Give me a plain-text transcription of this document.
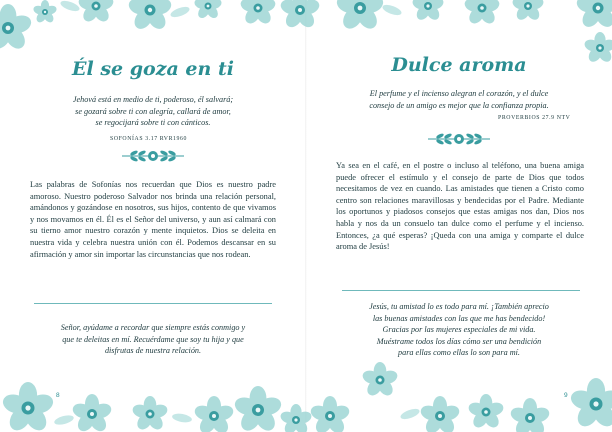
Él se goza en ti

Jehová está en medio de ti, poderoso, él salvará;
se gozará sobre ti con alegría, callará de amor,
se regocijará sobre ti con cánticos.

SOFONÍAS 3.17 RVR1960

Las palabras de Sofonías nos recuerdan que Dios es nuestro padre amoroso. Nuestro poderoso Salvador nos brinda una relación personal, amándonos y gozándose en nosotros, sus hijos, contento de que vivamos y nos movamos en él. Él es el Señor del universo, y aun así calmará con su tierno amor nuestro corazón y mente inquietos. Dios se deleita en nuestra vida y celebra nuestra unión con él. Podemos descansar en su afirmación y amor sin importar las circunstancias que nos rodean.

Señor, ayúdame a recordar que siempre estás conmigo y
que te deleitas en mí. Recuérdame que soy tu hija y que
disfrutas de nuestra relación.

8
Dulce aroma

El perfume y el incienso alegran el corazón, y el dulce
consejo de un amigo es mejor que la confianza propia.

PROVERBIOS 27.9 NTV

Ya sea en el café, en el postre o incluso al teléfono, una buena amiga puede ofrecer el estímulo y el consejo de parte de Dios que todos necesitamos de vez en cuando. Las amistades que tienen a Cristo como centro son relaciones maravillosas y bendecidas por el Padre. Mediante los oportunos y piadosos consejos que estas amigas nos dan, Dios nos habla y nos da un consuelo tan dulce como el perfume y el incienso. Entonces, ¿a qué esperas? ¡Queda con una amiga y comparte el dulce aroma de Jesús!

Jesús, tu amistad lo es todo para mí. ¡También aprecio
las buenas amistades con las que me has bendecido!
Gracias por las mujeres especiales de mi vida.
Muéstrame todos los días cómo ser una bendición
para ellas como ellas lo son para mí.

9
